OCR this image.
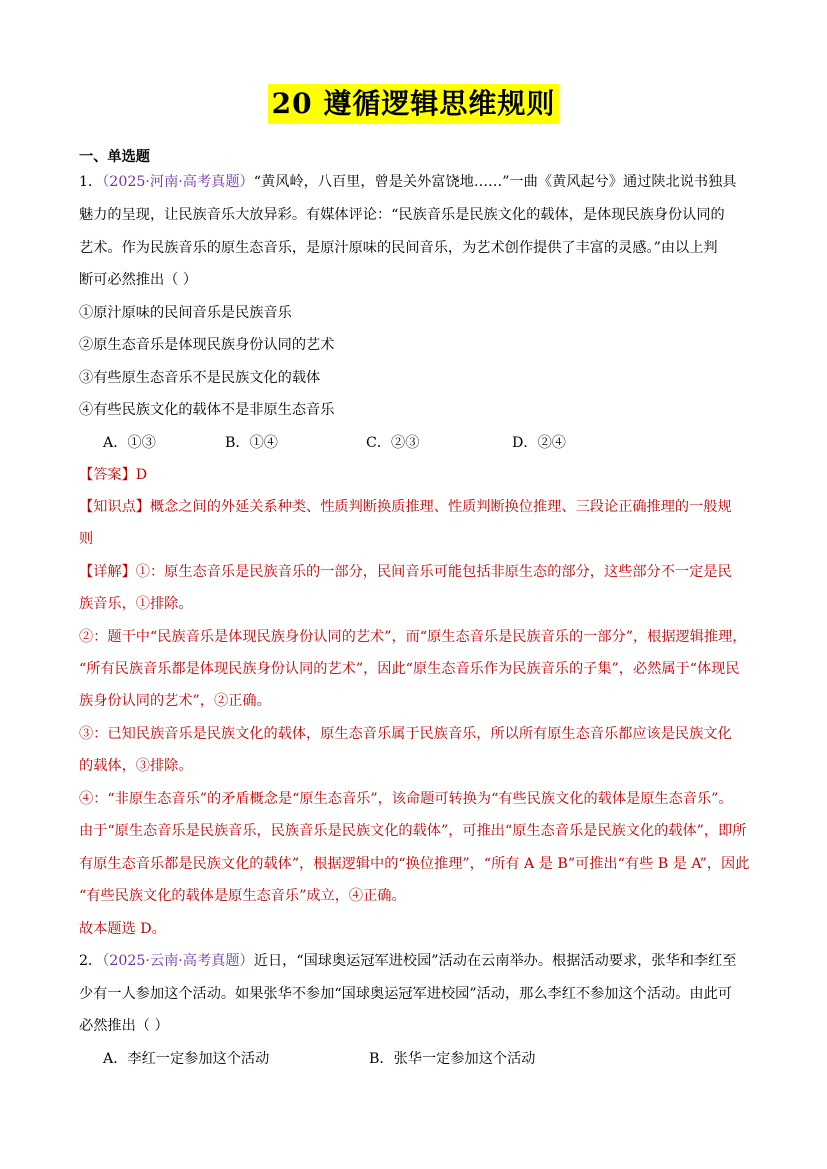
20 遵循逻辑思维规则
一、单选题
1．（2025·河南·高考真题）“黄风岭，八百里，曾是关外富饶地……”一曲《黄风起兮》通过陕北说书独具
魅力的呈现，让民族音乐大放异彩。有媒体评论：“民族音乐是民族文化的载体，是体现民族身份认同的
艺术。作为民族音乐的原生态音乐，是原汁原味的民间音乐，为艺术创作提供了丰富的灵感。”由以上判
断可必然推出（ ）
①原汁原味的民间音乐是民族音乐
②原生态音乐是体现民族身份认同的艺术
③有些原生态音乐不是民族文化的载体
④有些民族文化的载体不是非原生态音乐
A．①③	B．①④	C．②③	D．②④
【答案】D
【知识点】概念之间的外延关系种类、性质判断换质推理、性质判断换位推理、三段论正确推理的一般规
则
【详解】①：原生态音乐是民族音乐的一部分，民间音乐可能包括非原生态的部分，这些部分不一定是民
族音乐，①排除。
②：题干中“民族音乐是体现民族身份认同的艺术”，而“原生态音乐是民族音乐的一部分”，根据逻辑推理，
“所有民族音乐都是体现民族身份认同的艺术”，因此“原生态音乐作为民族音乐的子集”，必然属于“体现民
族身份认同的艺术”，②正确。
③：已知民族音乐是民族文化的载体，原生态音乐属于民族音乐，所以所有原生态音乐都应该是民族文化
的载体，③排除。
④：“非原生态音乐”的矛盾概念是“原生态音乐”，该命题可转换为“有些民族文化的载体是原生态音乐”。
由于“原生态音乐是民族音乐，民族音乐是民族文化的载体”，可推出“原生态音乐是民族文化的载体”，即所
有原生态音乐都是民族文化的载体”，根据逻辑中的“换位推理”，“所有 A 是 B”可推出“有些 B 是 A”，因此
“有些民族文化的载体是原生态音乐”成立，④正确。
故本题选 D。
2．（2025·云南·高考真题）近日，“国球奥运冠军进校园”活动在云南举办。根据活动要求，张华和李红至
少有一人参加这个活动。如果张华不参加“国球奥运冠军进校园”活动，那么李红不参加这个活动。由此可
必然推出（ ）
A．李红一定参加这个活动	B．张华一定参加这个活动
